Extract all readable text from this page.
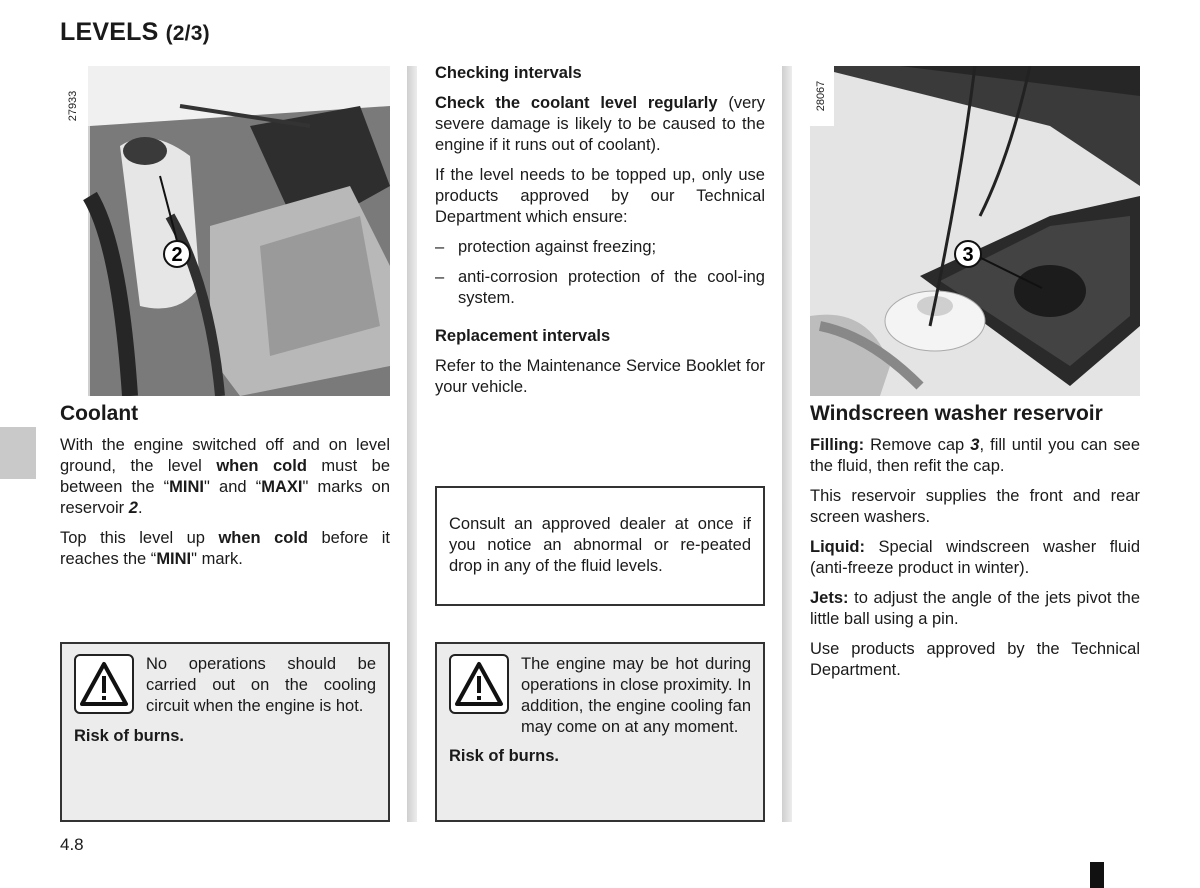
LEVELS (2/3)
27933
2
Coolant

With the engine switched off and on level ground, the level when cold must be between the “MINI" and “MAXI" marks on reservoir 2.

Top this level up when cold before it reaches the “MINI" mark.

No operations should be carried out on the cooling circuit when the engine is hot.
Risk of burns.

Checking intervals

Check the coolant level regularly (very severe damage is likely to be caused to the engine if it runs out of coolant).

If the level needs to be topped up, only use products approved by our Technical Department which ensure:

– protection against freezing;
– anti-corrosion protection of the cool-ing system.

Replacement intervals

Refer to the Maintenance Service Booklet for your vehicle.

Consult an approved dealer at once if you notice an abnormal or re-peated drop in any of the fluid levels.
The engine may be hot during operations in close proximity. In addition, the engine cooling fan may come on at any moment.
Risk of burns.
28067
3
Windscreen washer reservoir

Filling: Remove cap 3, fill until you can see the fluid, then refit the cap.

This reservoir supplies the front and rear screen washers.

Liquid: Special windscreen washer fluid (anti-freeze product in winter).

Jets: to adjust the angle of the jets pivot the little ball using a pin.

Use products approved by the Technical Department.

4.8
